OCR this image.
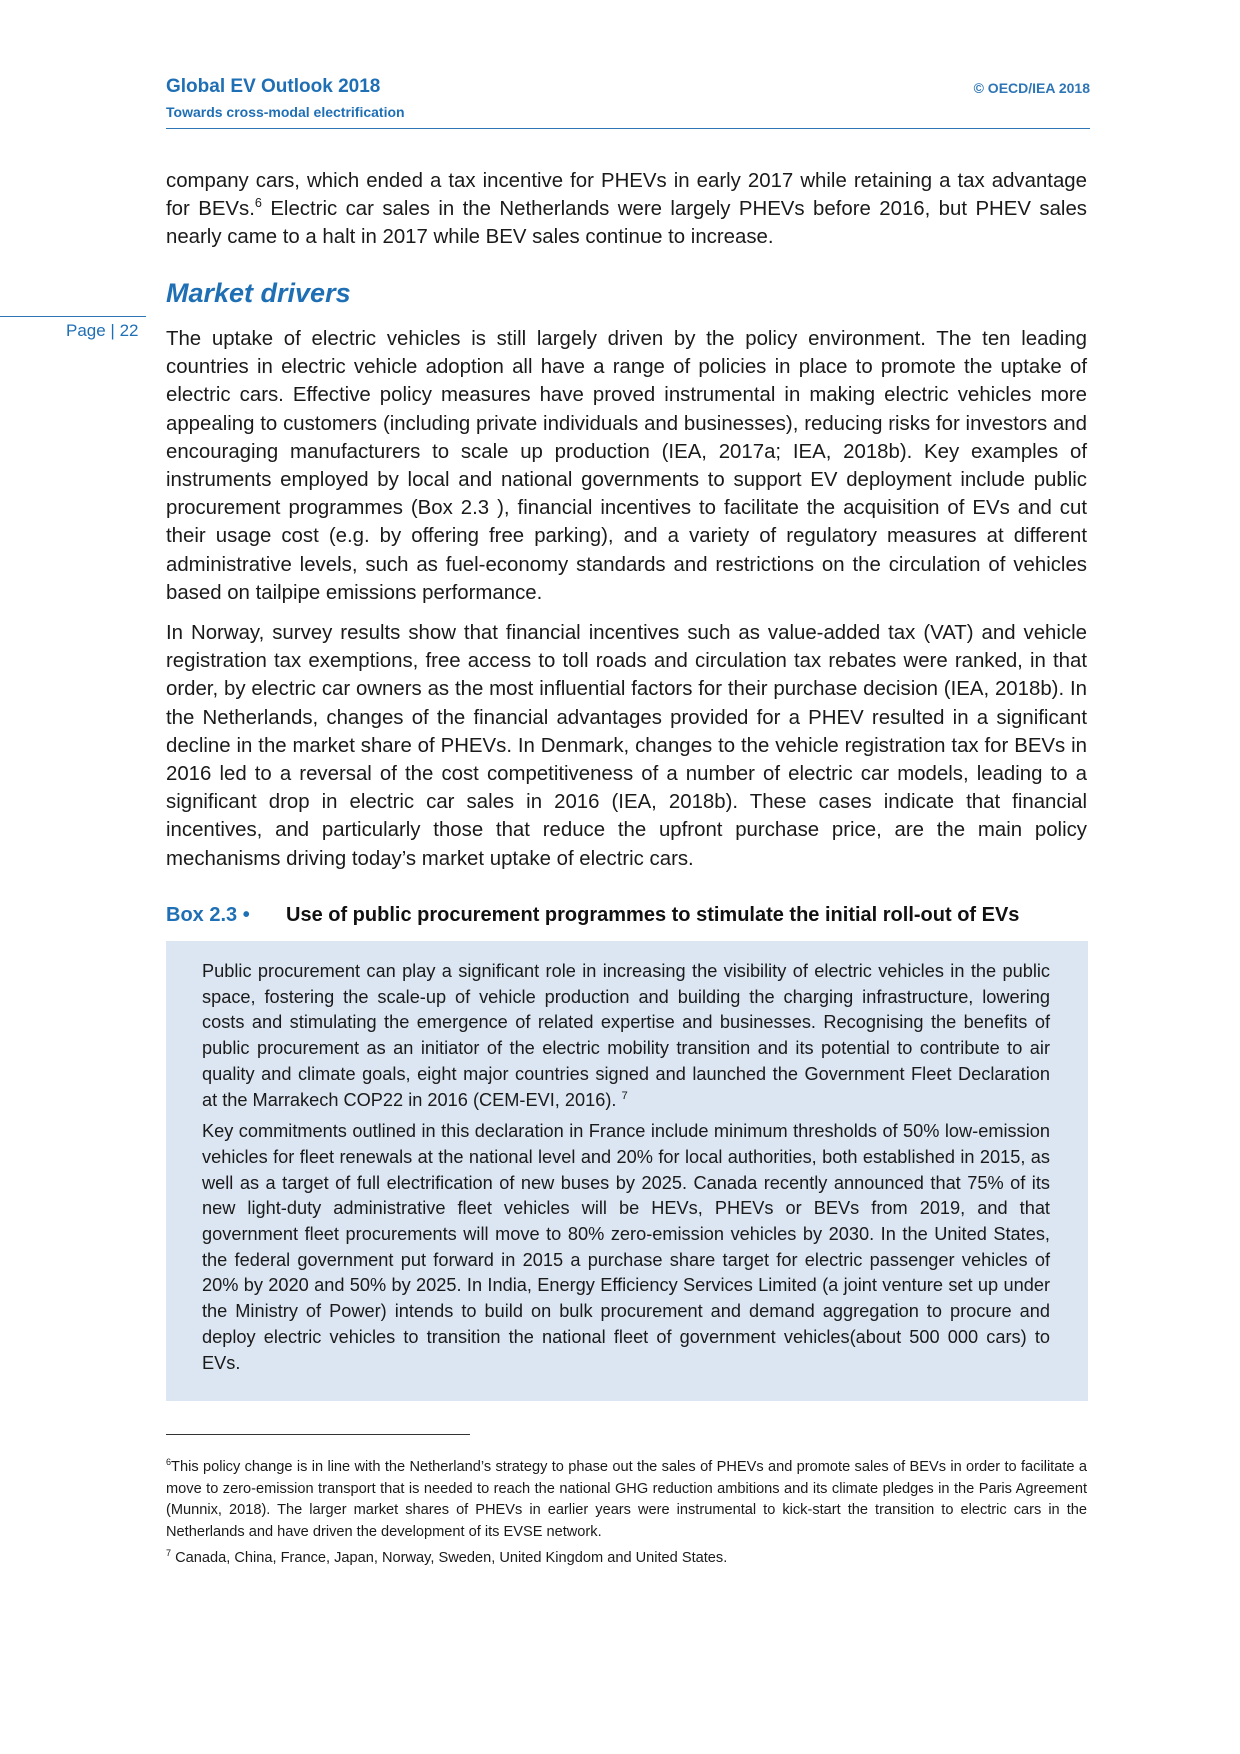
Global EV Outlook 2018
Towards cross-modal electrification
© OECD/IEA 2018
Page | 22

company cars, which ended a tax incentive for PHEVs in early 2017 while retaining a tax advantage for BEVs.$^6$ Electric car sales in the Netherlands were largely PHEVs before 2016, but PHEV sales nearly came to a halt in 2017 while BEV sales continue to increase.

Market drivers

The uptake of electric vehicles is still largely driven by the policy environment. The ten leading countries in electric vehicle adoption all have a range of policies in place to promote the uptake of electric cars. Effective policy measures have proved instrumental in making electric vehicles more appealing to customers (including private individuals and businesses), reducing risks for investors and encouraging manufacturers to scale up production (IEA, 2017a; IEA, 2018b). Key examples of instruments employed by local and national governments to support EV deployment include public procurement programmes (Box 2.3 ), financial incentives to facilitate the acquisition of EVs and cut their usage cost (e.g. by offering free parking), and a variety of regulatory measures at different administrative levels, such as fuel-economy standards and restrictions on the circulation of vehicles based on tailpipe emissions performance.

In Norway, survey results show that financial incentives such as value-added tax (VAT) and vehicle registration tax exemptions, free access to toll roads and circulation tax rebates were ranked, in that order, by electric car owners as the most influential factors for their purchase decision (IEA, 2018b). In the Netherlands, changes of the financial advantages provided for a PHEV resulted in a significant decline in the market share of PHEVs. In Denmark, changes to the vehicle registration tax for BEVs in 2016 led to a reversal of the cost competitiveness of a number of electric car models, leading to a significant drop in electric car sales in 2016 (IEA, 2018b). These cases indicate that financial incentives, and particularly those that reduce the upfront purchase price, are the main policy mechanisms driving today’s market uptake of electric cars.

Box 2.3 • Use of public procurement programmes to stimulate the initial roll-out of EVs

Public procurement can play a significant role in increasing the visibility of electric vehicles in the public space, fostering the scale-up of vehicle production and building the charging infrastructure, lowering costs and stimulating the emergence of related expertise and businesses. Recognising the benefits of public procurement as an initiator of the electric mobility transition and its potential to contribute to air quality and climate goals, eight major countries signed and launched the Government Fleet Declaration at the Marrakech COP22 in 2016 (CEM-EVI, 2016). $^7$

Key commitments outlined in this declaration in France include minimum thresholds of 50% low-emission vehicles for fleet renewals at the national level and 20% for local authorities, both established in 2015, as well as a target of full electrification of new buses by 2025. Canada recently announced that 75% of its new light-duty administrative fleet vehicles will be HEVs, PHEVs or BEVs from 2019, and that government fleet procurements will move to 80% zero-emission vehicles by 2030. In the United States, the federal government put forward in 2015 a purchase share target for electric passenger vehicles of 20% by 2020 and 50% by 2025. In India, Energy Efficiency Services Limited (a joint venture set up under the Ministry of Power) intends to build on bulk procurement and demand aggregation to procure and deploy electric vehicles to transition the national fleet of government vehicles(about 500 000 cars) to EVs.

$^6$This policy change is in line with the Netherland’s strategy to phase out the sales of PHEVs and promote sales of BEVs in order to facilitate a move to zero-emission transport that is needed to reach the national GHG reduction ambitions and its climate pledges in the Paris Agreement (Munnix, 2018). The larger market shares of PHEVs in earlier years were instrumental to kick-start the transition to electric cars in the Netherlands and have driven the development of its EVSE network.

$^7$ Canada, China, France, Japan, Norway, Sweden, United Kingdom and United States.
